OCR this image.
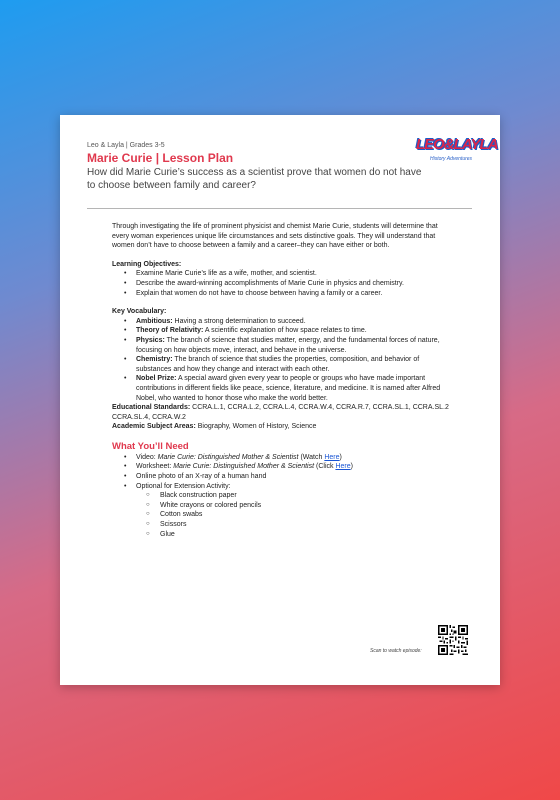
Leo & Layla | Grades 3-5
Marie Curie | Lesson Plan
How did Marie Curie’s success as a scientist prove that women do not have to choose between family and career?
LEO&LAYLA
History Adventures

Through investigating the life of prominent physicist and chemist Marie Curie, students will determine that every woman experiences unique life circumstances and sets distinctive goals. They will understand that women don’t have to choose between a family and a career–they can have either or both.

Learning Objectives:
• Examine Marie Curie’s life as a wife, mother, and scientist.
• Describe the award-winning accomplishments of Marie Curie in physics and chemistry.
• Explain that women do not have to choose between having a family or a career.
Key Vocabulary:
• Ambitious: Having a strong determination to succeed.
• Theory of Relativity: A scientific explanation of how space relates to time.
• Physics: The branch of science that studies matter, energy, and the fundamental forces of nature, focusing on how objects move, interact, and behave in the universe.
• Chemistry: The branch of science that studies the properties, composition, and behavior of substances and how they change and interact with each other.
• Nobel Prize: A special award given every year to people or groups who have made important contributions in different fields like peace, science, literature, and medicine. It is named after Alfred Nobel, who wanted to honor those who make the world better.

Educational Standards: CCRA.L.1, CCRA.L.2, CCRA.L.4, CCRA.W.4, CCRA.R.7, CCRA.SL.1, CCRA.SL.2 CCRA.SL.4, CCRA.W.2

Academic Subject Areas: Biography, Women of History, Science

What You’ll Need
• Video: Marie Curie: Distinguished Mother & Scientist (Watch Here)
• Worksheet: Marie Curie: Distinguished Mother & Scientist (Click Here)
• Online photo of an X-ray of a human hand
• Optional for Extension Activity:
○ Black construction paper
○ White crayons or colored pencils
○ Cotton swabs
○ Scissors
○ Glue
Scan to watch episode:
